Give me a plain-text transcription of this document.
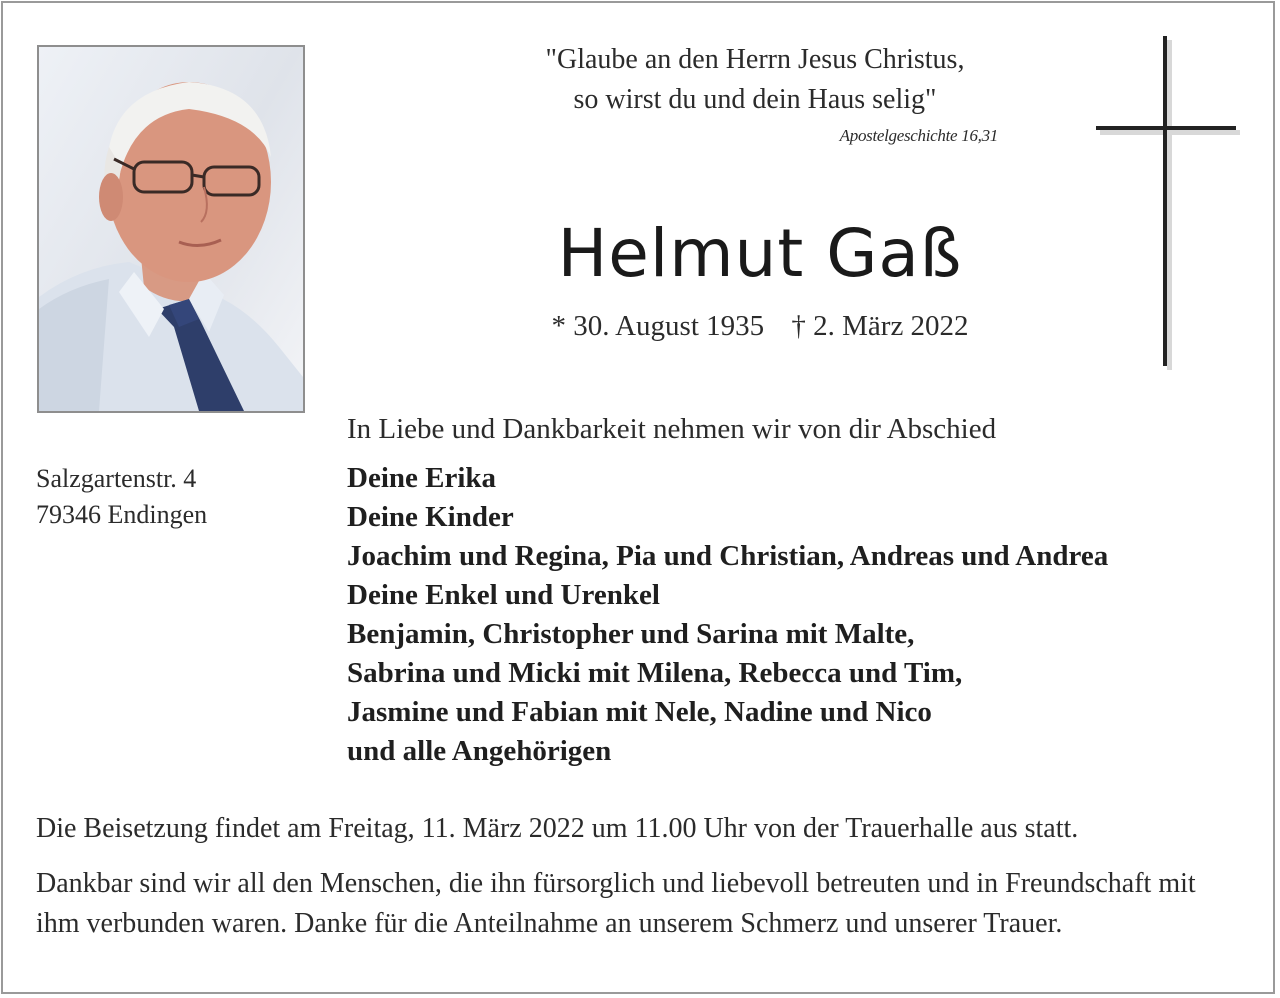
"Glaube an den Herrn Jesus Christus,
so wirst du und dein Haus selig"
Apostelgeschichte 16,31
Helmut Gaß
* 30. August 1935 † 2. März 2022
In Liebe und Dankbarkeit nehmen wir von dir Abschied
Salzgartenstr. 4
79346 Endingen
Deine Erika
Deine Kinder
Joachim und Regina, Pia und Christian, Andreas und Andrea
Deine Enkel und Urenkel
Benjamin, Christopher und Sarina mit Malte,
Sabrina und Micki mit Milena, Rebecca und Tim,
Jasmine und Fabian mit Nele, Nadine und Nico
und alle Angehörigen
Die Beisetzung findet am Freitag, 11. März 2022 um 11.00 Uhr von der Trauerhalle aus statt.
Dankbar sind wir all den Menschen, die ihn fürsorglich und liebevoll betreuten und in Freundschaft mit ihm verbunden waren. Danke für die Anteilnahme an unserem Schmerz und unserer Trauer.
